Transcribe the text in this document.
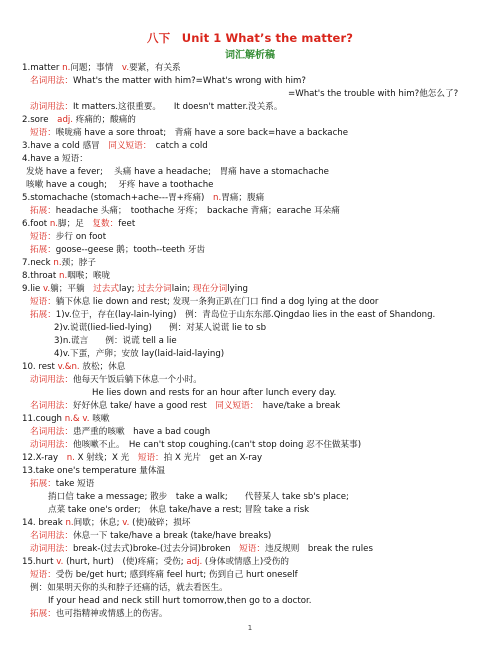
八下　Unit 1 What’s the matter?
词汇解析稿
1.matter n.问题；事情　v.要紧，有关系
名词用法：What's the matter with him?=What's wrong with him?
=What's the trouble with him?他怎么了?
动词用法：It matters.这很重要。　　It doesn't matter.没关系。
2.sore　adj. 疼痛的；酸痛的
短语：喉咙痛 have a sore throat;　背痛 have a sore back=have a backache
3.have a cold 感冒　同义短语：　catch a cold
4.have a 短语：
发烧 have a fever;　 头痛 have a headache;　胃痛 have a stomachache
咳嗽 have a cough;　 牙疼 have a toothache
5.stomachache (stomach+ache---胃+疼痛)　n.胃痛；腹痛
拓展：headache 头痛；　toothache 牙疼；　backache 背痛；earache 耳朵痛
6.foot n.脚；足　复数：feet
短语：步行 on foot
拓展：goose--geese 鹅；tooth--teeth 牙齿
7.neck n.颈；脖子
8.throat n.咽喉；喉咙
9.lie v.躺；平躺　过去式lay; 过去分词lain; 现在分词lying
短语：躺下休息 lie down and rest; 发现一条狗正趴在门口 find a dog lying at the door
拓展：1)v.位于，存在(lay-lain-lying)　例：青岛位于山东东部.Qingdao lies in the east of Shandong.
2)v.说谎(lied-lied-lying)　　例：对某人说谎 lie to sb
3)n.谎言　　例：说谎 tell a lie
4)v.下蛋，产卵；安放 lay(laid-laid-laying)
10. rest v.&n. 放松；休息
动词用法：他每天午饭后躺下休息一个小时。
He lies down and rests for an hour after lunch every day.
名词用法：好好休息 take/ have a good rest　同义短语：　have/take a break
11.cough n.& v. 咳嗽
名词用法：患严重的咳嗽　have a bad cough
动词用法：他咳嗽不止。　He can't stop coughing.(can't stop doing 忍不住做某事)
12.X-ray　n. X 射线；X 光　短语：拍 X 光片　get an X-ray
13.take one's temperature 量体温
拓展：take 短语
捎口信 take a message; 散步　take a walk;　　代替某人 take sb's place;
点菜 take one's order;　休息 take/have a rest; 冒险 take a risk
14. break n.间歇；休息; v. (使)破碎；损坏
名词用法：休息一下 take/have a break (take/have breaks)
动词用法：break-(过去式)broke-(过去分词)broken　短语：违反规则　break the rules
15.hurt v. (hurt, hurt)　(使)疼痛；受伤; adj. (身体或情感上)受伤的
短语：受伤 be/get hurt; 感到疼痛 feel hurt; 伤到自己 hurt oneself
例：如果明天你的头和脖子还痛的话，就去看医生。
If your head and neck still hurt tomorrow,then go to a doctor.
拓展：也可指精神或情感上的伤害。
1
